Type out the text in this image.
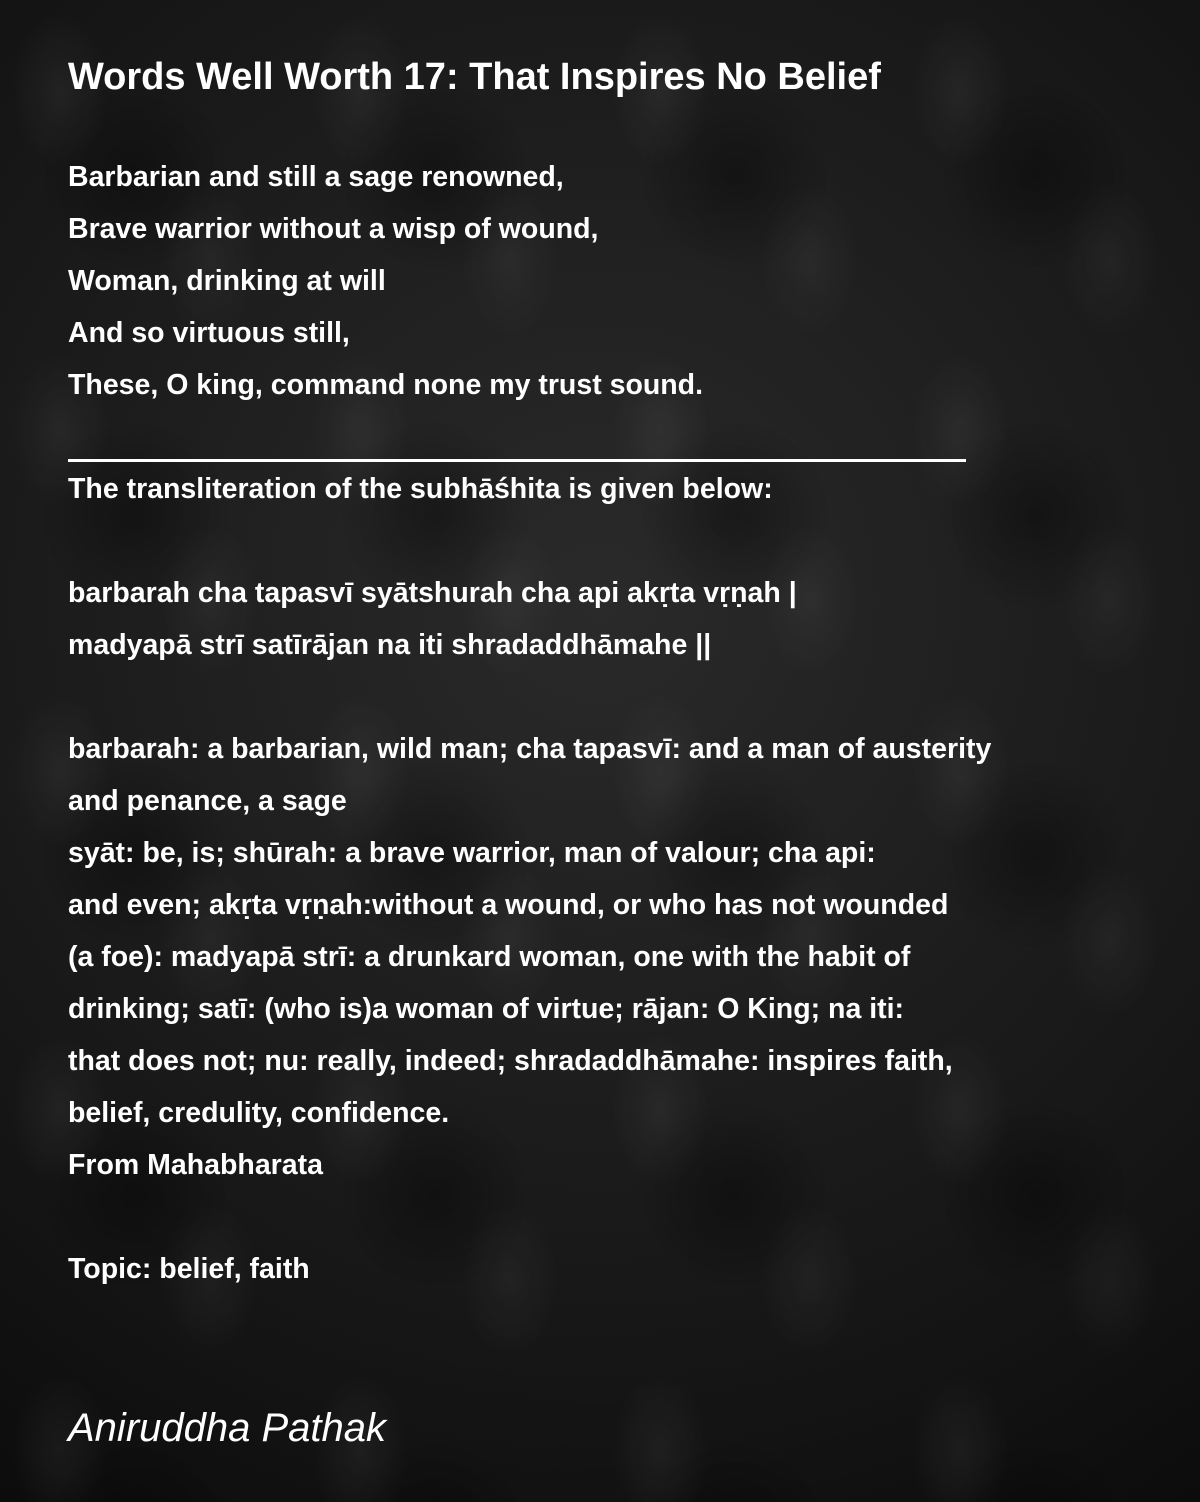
Words Well Worth 17: That Inspires No Belief
Barbarian and still a sage renowned,
Brave warrior without a wisp of wound,
Woman, drinking at will
And so virtuous still,
These, O king, command none my trust sound.
The transliteration of the subhāśhita is given below:
barbarah cha tapasvī syātshurah cha api akṛta vṛṇah |
madyapā strī satīrājan na iti shradaddhāmahe ||
barbarah: a barbarian, wild man; cha tapasvī: and a man of austerity
and penance, a sage
syāt: be, is; shūrah: a brave warrior, man of valour; cha api:
and even; akṛta vṛṇah:without a wound, or who has not wounded
(a foe): madyapā strī: a drunkard woman, one with the habit of
drinking; satī: (who is)a woman of virtue; rājan: O King; na iti:
that does not; nu: really, indeed; shradaddhāmahe: inspires faith,
belief, credulity, confidence.
From Mahabharata
Topic: belief, faith
Aniruddha Pathak
